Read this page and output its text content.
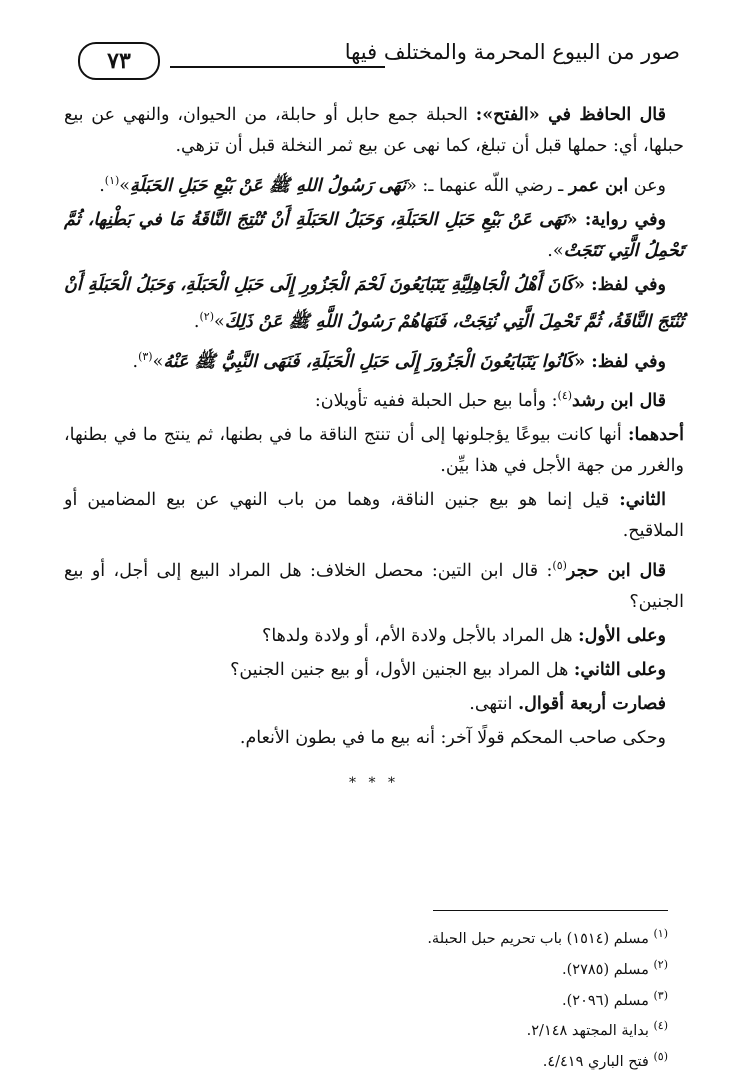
٧٣	صور من البيوع المحرمة والمختلف فيها

قال الحافظ في «الفتح»: الحبلة جمع حابل أو حابلة، من الحيوان، والنهي عن بيع حبلها، أي: حملها قبل أن تبلغ، كما نهى عن بيع ثمر النخلة قبل أن تزهي.

وعن ابن عمر ـ رضي اللّه عنهما ـ: «نَهَى رَسُولُ اللهِ ﷺ عَنْ بَيْعِ حَبَلِ الحَبَلَةِ»$^{(١)}$.

وفي رواية: «نَهَى عَنْ بَيْعِ حَبَلِ الحَبَلَةِ، وَحَبَلُ الحَبَلَةِ أَنْ تُنْتِجَ النَّاقَةُ مَا في بَطْنِها، ثُمَّ تَحْمِلُ الَّتِي نَتَجَتْ».

وفي لفظ: «كَانَ أَهْلُ الْجَاهِلِيَّةِ يَتَبَايَعُونَ لَحْمَ الْجَزُورِ إِلَى حَبَلِ الْحَبَلَةِ، وَحَبَلُ الْحَبَلَةِ أَنْ تُنْتَجَ النَّاقَةُ، ثُمَّ تَحْمِلَ الَّتِي نُتِجَتْ، فَنَهَاهُمْ رَسُولُ اللَّهِ ﷺ عَنْ ذَلِكَ»$^{(٢)}$.

وفي لفظ: «كَانُوا يَتَبَايَعُونَ الْجَزُورَ إِلَى حَبَلِ الْحَبَلَةِ، فَنَهَى النَّبِيُّ ﷺ عَنْهُ»$^{(٣)}$.

قال ابن رشد$^{(٤)}$: وأما بيع حبل الحبلة ففيه تأويلان:

أحدهما: أنها كانت بيوعًا يؤجلونها إلى أن تنتج الناقة ما في بطنها، ثم ينتج ما في بطنها، والغرر من جهة الأجل في هذا بيِّن.

الثاني: قيل إنما هو بيع جنين الناقة، وهما من باب النهي عن بيع المضامين أو الملاقيح.

قال ابن حجر$^{(٥)}$: قال ابن التين: محصل الخلاف: هل المراد البيع إلى أجل، أو بيع الجنين؟

وعلى الأول: هل المراد بالأجل ولادة الأم، أو ولادة ولدها؟

وعلى الثاني: هل المراد بيع الجنين الأول، أو بيع جنين الجنين؟

فصارت أربعة أقوال. انتهى.

وحكى صاحب المحكم قولًا آخر: أنه بيع ما في بطون الأنعام.

* * *

$^{(١)}$ مسلم (١٥١٤) باب تحريم حبل الحبلة.

$^{(٢)}$ مسلم (٢٧٨٥).

$^{(٣)}$ مسلم (٢٠٩٦).

$^{(٤)}$ بداية المجتهد ٢/١٤٨.

$^{(٥)}$ فتح الباري ٤/٤١٩.
